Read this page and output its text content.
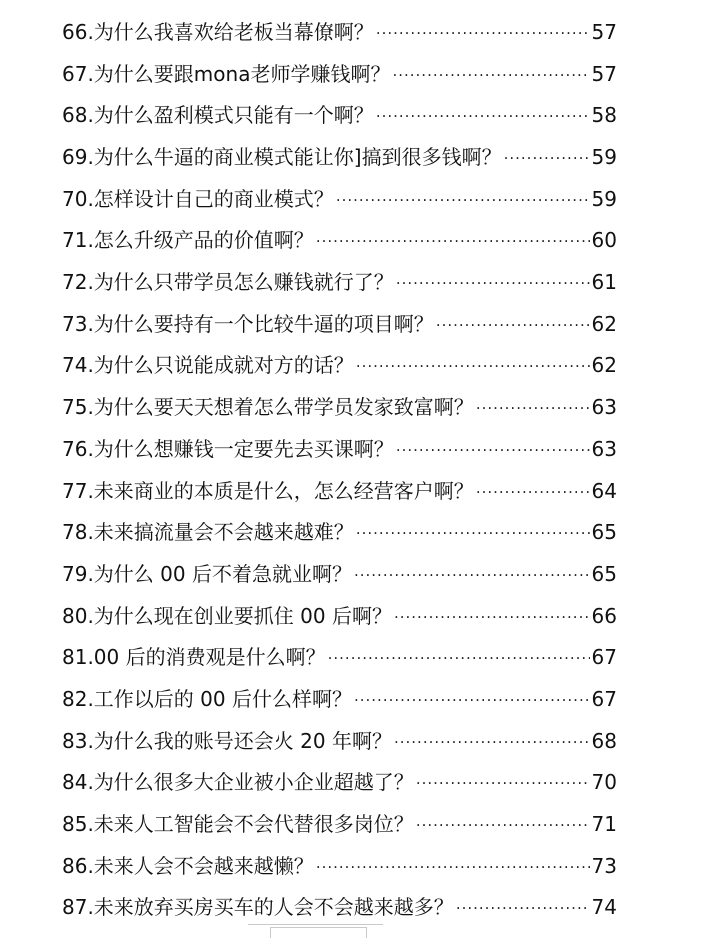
66.为什么我喜欢给老板当幕僚啊？ .....	57
67.为什么要跟mona老师学赚钱啊？ .....	57
68.为什么盈利模式只能有一个啊？ .....	58
69.为什么牛逼的商业模式能让你]搞到很多钱啊？ .....	59
70.怎样设计自己的商业模式？ .....	59
71.怎么升级产品的价值啊？ .....	60
72.为什么只带学员怎么赚钱就行了？ .....	61
73.为什么要持有一个比较牛逼的项目啊？ .....	62
74.为什么只说能成就对方的话？ .....	62
75.为什么要天天想着怎么带学员发家致富啊？ .....	63
76.为什么想赚钱一定要先去买课啊？ .....	63
77.未来商业的本质是什么，怎么经营客户啊？ .....	64
78.未来搞流量会不会越来越难？ .....	65
79.为什么 00 后不着急就业啊？ .....	65
80.为什么现在创业要抓住 00 后啊？ .....	66
81.00 后的消费观是什么啊？ .....	67
82.工作以后的 00 后什么样啊？ .....	67
83.为什么我的账号还会火 20 年啊？ .....	68
84.为什么很多大企业被小企业超越了？ .....	70
85.未来人工智能会不会代替很多岗位？ .....	71
86.未来人会不会越来越懒？ .....	73
87.未来放弃买房买车的人会不会越来越多？ .....	74
